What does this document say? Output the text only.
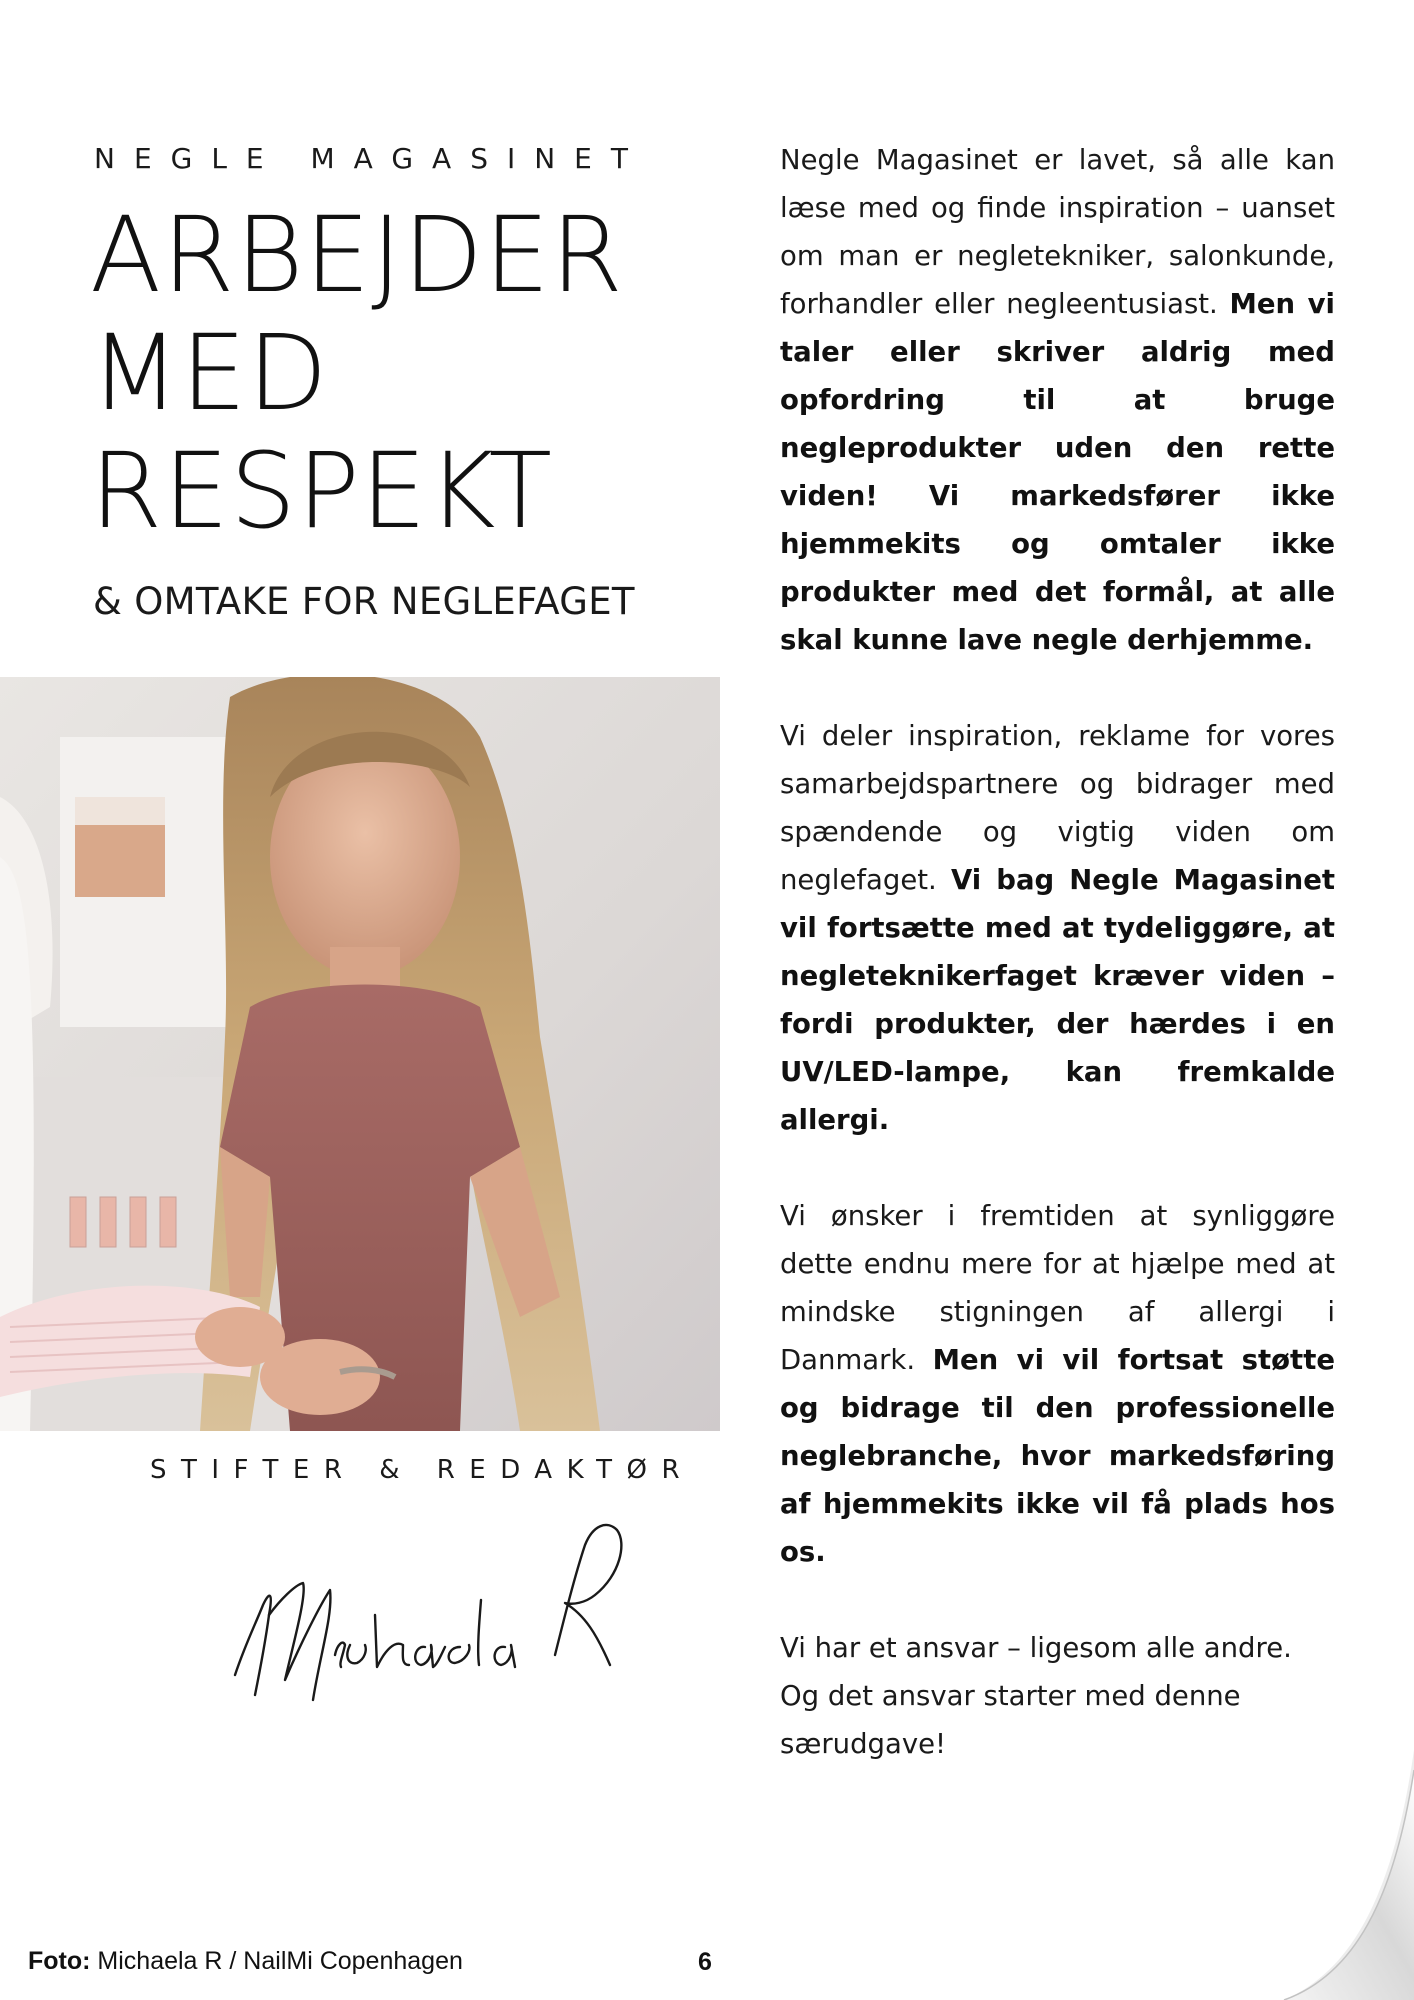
NEGLE MAGASINET
ARBEJDER
MED
RESPEKT
& OMTAKE FOR NEGLEFAGET
STIFTER & REDAKTØR

Negle Magasinet er lavet, så alle kan læse med og finde inspiration – uanset om man er negletekniker, salonkunde, forhandler eller negleentusiast. Men vi taler eller skriver aldrig med opfordring til at bruge negleprodukter uden den rette viden! Vi markedsfører ikke hjemmekits og omtaler ikke produkter med det formål, at alle skal kunne lave negle derhjemme.

Vi deler inspiration, reklame for vores samarbejdspartnere og bidrager med spændende og vigtig viden om neglefaget. Vi bag Negle Magasinet vil fortsætte med at tydeliggøre, at negleteknikerfaget kræver viden – fordi produkter, der hærdes i en UV/LED-lampe, kan fremkalde allergi.

Vi ønsker i fremtiden at synliggøre dette endnu mere for at hjælpe med at mindske stigningen af allergi i Danmark. Men vi vil fortsat støtte og bidrage til den professionelle neglebranche, hvor markedsføring af hjemmekits ikke vil få plads hos os.

Vi har et ansvar – ligesom alle andre. Og det ansvar starter med denne særudgave!

Foto: Michaela R / NailMi Copenhagen	6
